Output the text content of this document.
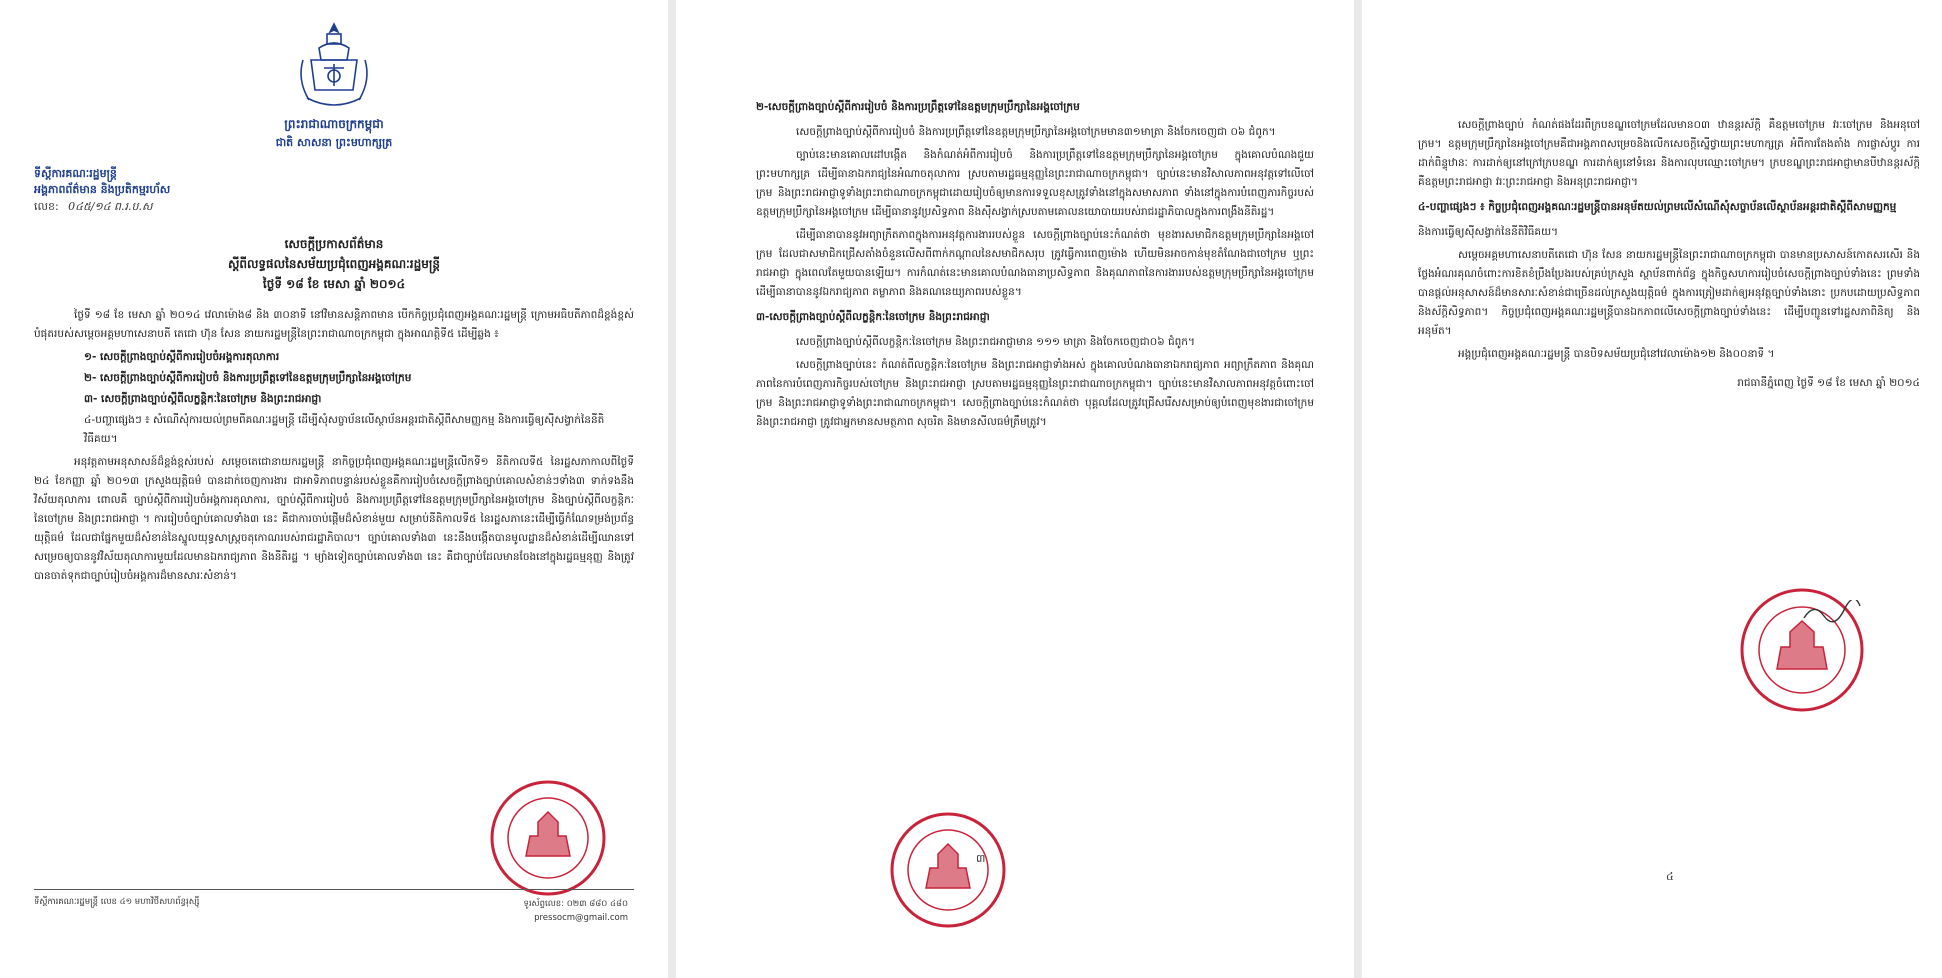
ព្រះរាជាណាចក្រកម្ពុជា
ជាតិ សាសនា ព្រះមហាក្សត្រ
ទីស្តីការគណៈរដ្ឋមន្ត្រី
អង្គភាពព័ត៌មាន និងប្រតិកម្មរហ័ស
លេខ: 0៤៥/១៤ ព.រ.ប.ស
សេចក្តីប្រកាសព័ត៌មាន
ស្តីពីលទ្ធផលនៃសម័យប្រជុំពេញអង្គគណៈរដ្ឋមន្ត្រី
ថ្ងៃទី ១៨ ខែ មេសា ឆ្នាំ ២០១៤
ថ្ងៃទី ១៨ ខែ មេសា ឆ្នាំ ២០១៤ វេលាម៉ោង៨ និង ៣០នាទី នៅវិមានសន្តិភាពមាន បើកកិច្ចប្រជុំពេញអង្គគណៈរដ្ឋមន្ត្រី ក្រោមអធិបតីភាពដ៏ខ្ពង់ខ្ពស់បំផុតរបស់សម្តេចអគ្គមហាសេនាបតី តេជោ ហ៊ុន សែន នាយករដ្ឋមន្ត្រីនៃព្រះរាជាណាចក្រកម្ពុជា ក្នុងអាណត្តិទី៥ ដើម្បីឆ្លង ៖
១- សេចក្តីព្រាងច្បាប់ស្តីពីការរៀបចំអង្គការតុលាការ
២- សេចក្តីព្រាងច្បាប់ស្តីពីការរៀបចំ និងការប្រព្រឹត្តទៅនៃឧត្តមក្រុមប្រឹក្សានៃអង្គចៅក្រម
៣- សេចក្តីព្រាងច្បាប់ស្តីពីលក្ខន្តិកៈនៃចៅក្រម និងព្រះរាជអាជ្ញា
៤-បញ្ហាផ្សេងៗ ៖ សំណើសុំការយល់ព្រមពីគណៈរដ្ឋមន្ត្រី ដើម្បីសុំសច្ចាប័នលើស្ថាប័នអន្តរជាតិស្តីពីសាមញ្ញកម្ម និងការធ្វើឲ្យស៊ីសង្វាក់នៃនីតិវិធីគយ។
អនុវត្តតាមអនុសាសន៍ដ៏ខ្ពង់ខ្ពស់របស់ សម្តេចតេជោនាយករដ្ឋមន្ត្រី នាកិច្ចប្រជុំពេញអង្គគណៈរដ្ឋមន្ត្រីលើកទី១ នីតិកាលទី៥ នៃរដ្ឋសភាកាលពីថ្ងៃទី ២៤ ខែកញ្ញា ឆ្នាំ ២០១៣ ក្រសួងយុត្តិធម៌ បានដាក់ចេញការងារ ជាអាទិភាពបន្ទាន់របស់ខ្លួនគឺការរៀបចំសេចក្តីព្រាងច្បាប់គោលសំខាន់ៗទាំង៣ ទាក់ទងនឹងវិស័យតុលាការ ពោលគឺ ច្បាប់ស្តីពីការរៀបចំអង្គការតុលាការ, ច្បាប់ស្តីពីការរៀបចំ និងការប្រព្រឹត្តទៅនៃឧត្តមក្រុមប្រឹក្សានៃអង្គចៅក្រម និងច្បាប់ស្តីពីលក្ខន្តិកៈនៃចៅក្រម និងព្រះរាជអាជ្ញា ។ ការរៀបចំច្បាប់គោលទាំង៣ នេះ គឺជាការចាប់ផ្តើមដ៏សំខាន់មួយ សម្រាប់នីតិកាលទី៥ នៃរដ្ឋសភានេះដើម្បីធ្វើកំណែទម្រង់ប្រព័ន្ធយុត្តិធម៌ ដែលជាផ្នែកមួយដ៏សំខាន់នៃស្នូលយុទ្ធសាស្ត្រចតុកោណរបស់រាជរដ្ឋាភិបាល។ ច្បាប់គោលទាំង៣ នេះនឹងបង្កើតបានមូលដ្ឋានដ៏សំខាន់ដើម្បីឈានទៅសម្រេចឲ្យបាននូវវិស័យតុលាការមួយដែលមានឯករាជ្យភាព និងនីតិរដ្ឋ ។ ម្យ៉ាងទៀតច្បាប់គោលទាំង៣ នេះ គឺជាច្បាប់ដែលមានចែងនៅក្នុងរដ្ឋធម្មនុញ្ញ និងត្រូវបានចាត់ទុកជាច្បាប់រៀបចំអង្គការដ៏មានសារៈសំខាន់។
ទីស្តីការគណៈរដ្ឋមន្ត្រី លេខ ៤១ មហាវិថីសហព័ន្ធរុស្ស៊ី	ទូរស័ព្ទលេខ: ០២៣ ៨៨០ ៤៨០
pressocm@gmail.com
២-សេចក្តីព្រាងច្បាប់ស្តីពីការរៀបចំ និងការប្រព្រឹត្តទៅនៃឧត្តមក្រុមប្រឹក្សានៃអង្គចៅក្រម
សេចក្តីព្រាងច្បាប់ស្តីពីការរៀបចំ និងការប្រព្រឹត្តទៅនៃឧត្តមក្រុមប្រឹក្សានៃអង្គចៅក្រមមាន៣១មាត្រា និងចែកចេញជា ០៦ ជំពូក។
ច្បាប់នេះមានគោលដៅបង្កើត និងកំណត់អំពីការរៀបចំ និងការប្រព្រឹត្តទៅនៃឧត្តមក្រុមប្រឹក្សានៃអង្គចៅក្រម ក្នុងគោលបំណងជួយព្រះមហាក្សត្រ ដើម្បីធានាឯករាជ្យនៃអំណាចតុលាការ ស្របតាមរដ្ឋធម្មនុញ្ញនៃព្រះរាជាណាចក្រកម្ពុជា។ ច្បាប់នេះមានវិសាលភាពអនុវត្តទៅលើចៅក្រម និងព្រះរាជអាជ្ញាទូទាំងព្រះរាជាណាចក្រកម្ពុជាដោយរៀបចំឲ្យមានការទទួលខុសត្រូវទាំងនៅក្នុងសមាសភាព ទាំងនៅក្នុងការបំពេញភារកិច្ចរបស់ឧត្តមក្រុមប្រឹក្សានៃអង្គចៅក្រម ដើម្បីធានានូវប្រសិទ្ធភាព និងស៊ីសង្វាក់ស្របតាមគោលនយោបាយរបស់រាជរដ្ឋាភិបាលក្នុងការពង្រឹងនីតិរដ្ឋ។
ដើម្បីធានាបាននូវអព្យាក្រឹតភាពក្នុងការអនុវត្តការងាររបស់ខ្លួន សេចក្តីព្រាងច្បាប់នេះកំណត់ថា មុខងារសមាជិកឧត្តមក្រុមប្រឹក្សានៃអង្គចៅក្រម ដែលជាសមាជិកជ្រើសតាំងចំនួនលើសពីពាក់កណ្តាលនៃសមាជិកសរុប ត្រូវធ្វើការពេញម៉ោង ហើយមិនអាចកាន់មុខតំណែងជាចៅក្រម ឬព្រះរាជអាជ្ញា ក្នុងពេលតែមួយបានឡើយ។ ការកំណត់នេះមានគោលបំណងធានាប្រសិទ្ធភាព និងគុណភាពនៃការងាររបស់ឧត្តមក្រុមប្រឹក្សានៃអង្គចៅក្រម ដើម្បីធានាបាននូវឯករាជ្យភាព តម្លាភាព និងគណនេយ្យភាពរបស់ខ្លួន។
៣-សេចក្តីព្រាងច្បាប់ស្តីពីលក្ខន្តិកៈនៃចៅក្រម និងព្រះរាជអាជ្ញា
សេចក្តីព្រាងច្បាប់ស្តីពីលក្ខន្តិកៈនៃចៅក្រម និងព្រះរាជអាជ្ញាមាន ១១១ មាត្រា និងចែកចេញជា០៦ ជំពូក។
សេចក្តីព្រាងច្បាប់នេះ កំណត់ពីលក្ខន្តិកៈនៃចៅក្រម និងព្រះរាជអាជ្ញាទាំងអស់ ក្នុងគោលបំណងធានាឯករាជ្យភាព អព្យាក្រឹតភាព និងគុណភាពនៃការបំពេញភារកិច្ចរបស់ចៅក្រម និងព្រះរាជអាជ្ញា ស្របតាមរដ្ឋធម្មនុញ្ញនៃព្រះរាជាណាចក្រកម្ពុជា។ ច្បាប់នេះមានវិសាលភាពអនុវត្តចំពោះចៅក្រម និងព្រះរាជអាជ្ញាទូទាំងព្រះរាជាណាចក្រកម្ពុជា។ សេចក្តីព្រាងច្បាប់នេះកំណត់ថា បុគ្គលដែលត្រូវជ្រើសរើសសម្រាប់ឲ្យបំពេញមុខងារជាចៅក្រម និងព្រះរាជអាជ្ញា ត្រូវជាអ្នកមានសមត្ថភាព សុចរិត និងមានសីលធម៌ត្រឹមត្រូវ។
៣
សេចក្តីព្រាងច្បាប់ កំណត់ផងដែរពីក្របខណ្ឌចៅក្រមដែលមាន០៣ ឋានន្តរស័ក្តិ គឺឧត្តមចៅក្រម វរៈចៅក្រម និងអនុចៅក្រម។ ឧត្តមក្រុមប្រឹក្សានៃអង្គចៅក្រមគឺជាអង្គភាពសម្រេចនិងលើកសេចក្តីស្នើថ្វាយព្រះមហាក្សត្រ អំពីការតែងតាំង ការផ្លាស់ប្តូរ ការដាក់ពិន្ទុឋានៈ ការដាក់ឲ្យនៅក្រៅក្របខណ្ឌ ការដាក់ឲ្យនៅទំនេរ និងការលុបឈ្មោះចៅក្រម។ ក្របខណ្ឌព្រះរាជអាជ្ញាមានបីឋានន្តរស័ក្តិ គឺឧត្តមព្រះរាជអាជ្ញា វរៈព្រះរាជអាជ្ញា និងអនុព្រះរាជអាជ្ញា។
៤-បញ្ហាផ្សេងៗ ៖ កិច្ចប្រជុំពេញអង្គគណៈរដ្ឋមន្ត្រីបានអនុម័តយល់ព្រមលើសំណើសុំសច្ចាប័នលើស្ថាប័នអន្តរជាតិស្តីពីសាមញ្ញកម្ម
និងការធ្វើឲ្យស៊ីសង្វាក់នៃនីតិវិធីគយ។
សម្តេចអគ្គមហាសេនាបតីតេជោ ហ៊ុន សែន នាយករដ្ឋមន្ត្រីនៃព្រះរាជាណាចក្រកម្ពុជា បានមានប្រសាសន៍កោតសរសើរ និងថ្លែងអំណរគុណចំពោះការខិតខំប្រឹងប្រែងរបស់គ្រប់ក្រសួង ស្ថាប័នពាក់ព័ន្ធ ក្នុងកិច្ចសហការរៀបចំសេចក្តីព្រាងច្បាប់ទាំងនេះ ព្រមទាំងបានផ្តល់អនុសាសន៍ដ៏មានសារៈសំខាន់ជាច្រើនដល់ក្រសួងយុត្តិធម៌ ក្នុងការត្រៀមដាក់ឲ្យអនុវត្តច្បាប់ទាំងនោះ ប្រកបដោយប្រសិទ្ធភាព និងស័ក្តិសិទ្ធភាព។ កិច្ចប្រជុំពេញអង្គគណៈរដ្ឋមន្ត្រីបានឯកភាពលើសេចក្តីព្រាងច្បាប់ទាំងនេះ ដើម្បីបញ្ជូនទៅរដ្ឋសភាពិនិត្យ និងអនុម័ត។
អង្គប្រជុំពេញអង្គគណៈរដ្ឋមន្ត្រី បានបិទសម័យប្រជុំនៅវេលាម៉ោង១២ និង០០នាទី ។
រាជធានីភ្នំពេញ ថ្ងៃទី ១៨ ខែ មេសា ឆ្នាំ ២០១៤
៤
